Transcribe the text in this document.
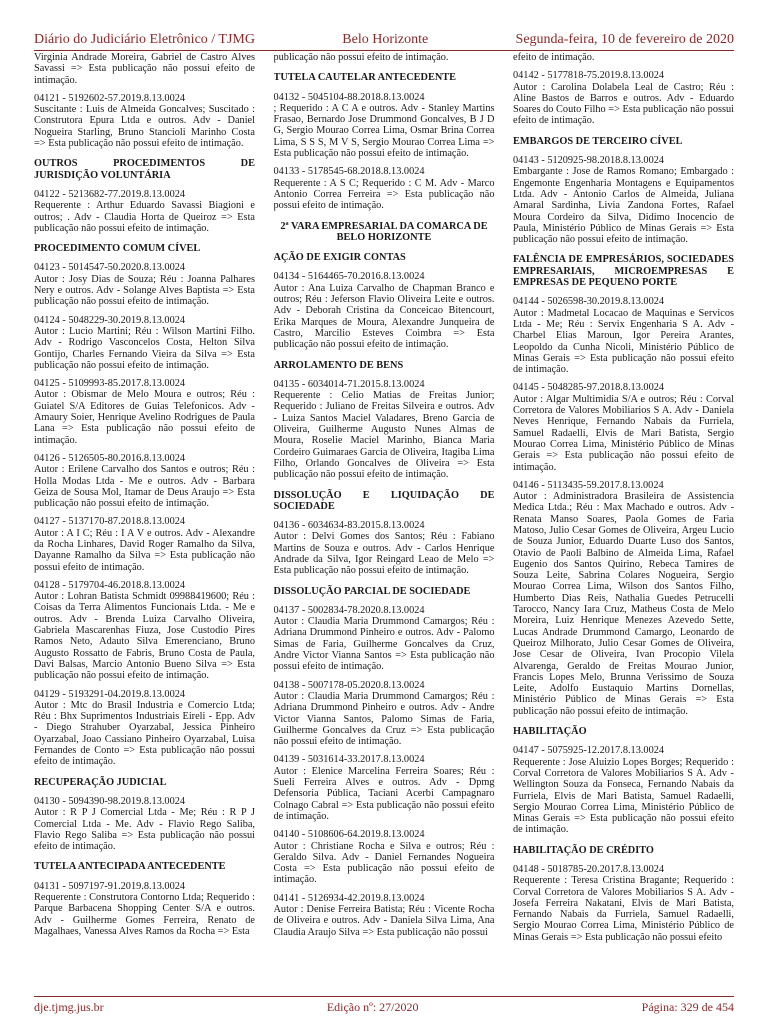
Diário do Judiciário Eletrônico / TJMG	Belo Horizonte	Segunda-feira, 10 de fevereiro de 2020
Virginia Andrade Moreira, Gabriel de Castro Alves Savassi => Esta publicação não possui efeito de intimação.
04121 - 5192602-57.2019.8.13.0024
Suscitante : Luis de Almeida Goncalves; Suscitado : Construtora Epura Ltda e outros. Adv - Daniel Nogueira Starling, Bruno Stancioli Marinho Costa => Esta publicação não possui efeito de intimação.
OUTROS PROCEDIMENTOS DE JURISDIÇÃO VOLUNTÁRIA
04122 - 5213682-77.2019.8.13.0024
Requerente : Arthur Eduardo Savassi Biagioni e outros; . Adv - Claudia Horta de Queiroz => Esta publicação não possui efeito de intimação.
PROCEDIMENTO COMUM CÍVEL
04123 - 5014547-50.2020.8.13.0024
Autor : Josy Dias de Souza; Réu : Joanna Palhares Nery e outros. Adv - Solange Alves Baptista => Esta publicação não possui efeito de intimação.
04124 - 5048229-30.2019.8.13.0024
Autor : Lucio Martini; Réu : Wilson Martini Filho. Adv - Rodrigo Vasconcelos Costa, Helton Silva Gontijo, Charles Fernando Vieira da Silva => Esta publicação não possui efeito de intimação.
04125 - 5109993-85.2017.8.13.0024
Autor : Obismar de Melo Moura e outros; Réu : Guiatel S/A Editores de Guias Telefonicos. Adv - Amaury Soier, Henrique Avelino Rodrigues de Paula Lana => Esta publicação não possui efeito de intimação.
04126 - 5126505-80.2016.8.13.0024
Autor : Erilene Carvalho dos Santos e outros; Réu : Holla Modas Ltda - Me e outros. Adv - Barbara Geiza de Sousa Mol, Itamar de Deus Araujo => Esta publicação não possui efeito de intimação.
04127 - 5137170-87.2018.8.13.0024
Autor : A I C; Réu : I A V e outros. Adv - Alexandre da Rocha Linhares, David Roger Ramalho da Silva, Dayanne Ramalho da Silva => Esta publicação não possui efeito de intimação.
04128 - 5179704-46.2018.8.13.0024
Autor : Lohran Batista Schmidt 09988419600; Réu : Coisas da Terra Alimentos Funcionais Ltda. - Me e outros. Adv - Brenda Luiza Carvalho Oliveira, Gabriela Mascarenhas Fiuza, Jose Custodio Pires Ramos Neto, Adauto Silva Emerenciano, Bruno Augusto Rossatto de Fabris, Bruno Costa de Paula, Davi Balsas, Marcio Antonio Bueno Silva => Esta publicação não possui efeito de intimação.
04129 - 5193291-04.2019.8.13.0024
Autor : Mtc do Brasil Industria e Comercio Ltda; Réu : Bhx Suprimentos Industriais Eireli - Epp. Adv - Diego Strahuber Oyarzabal, Jessica Pinheiro Oyarzabal, Joao Cassiano Pinheiro Oyarzabal, Luisa Fernandes de Conto => Esta publicação não possui efeito de intimação.
RECUPERAÇÃO JUDICIAL
04130 - 5094390-98.2019.8.13.0024
Autor : R P J Comercial Ltda - Me; Réu : R P J Comercial Ltda - Me. Adv - Flavio Rego Saliba, Flavio Rego Saliba => Esta publicação não possui efeito de intimação.
TUTELA ANTECIPADA ANTECEDENTE
04131 - 5097197-91.2019.8.13.0024
Requerente : Construtora Contorno Ltda; Requerido : Parque Barbacena Shopping Center S/A e outros. Adv - Guilherme Gomes Ferreira, Renato de Magalhaes, Vanessa Alves Ramos da Rocha => Esta
publicação não possui efeito de intimação.
TUTELA CAUTELAR ANTECEDENTE
04132 - 5045104-88.2018.8.13.0024
; Requerido : A C A e outros. Adv - Stanley Martins Frasao, Bernardo Jose Drummond Goncalves, B J D G, Sergio Mourao Correa Lima, Osmar Brina Correa Lima, S S S, M V S, Sergio Mourao Correa Lima => Esta publicação não possui efeito de intimação.
04133 - 5178545-68.2018.8.13.0024
Requerente : A S C; Requerido : C M. Adv - Marco Antonio Correa Ferreira => Esta publicação não possui efeito de intimação.
2ª VARA EMPRESARIAL DA COMARCA DE BELO HORIZONTE
AÇÃO DE EXIGIR CONTAS
04134 - 5164465-70.2016.8.13.0024
Autor : Ana Luiza Carvalho de Chapman Branco e outros; Réu : Jeferson Flavio Oliveira Leite e outros. Adv - Deborah Cristina da Conceicao Bitencourt, Erika Marques de Moura, Alexandre Junqueira de Castro, Marcilio Esteves Coimbra => Esta publicação não possui efeito de intimação.
ARROLAMENTO DE BENS
04135 - 6034014-71.2015.8.13.0024
Requerente : Celio Matias de Freitas Junior; Requerido : Juliano de Freitas Silveira e outros. Adv - Luiza Santos Maciel Valadares, Breno Garcia de Oliveira, Guilherme Augusto Nunes Almas de Moura, Roselie Maciel Marinho, Bianca Maria Cordeiro Guimaraes Garcia de Oliveira, Itagiba Lima Filho, Orlando Goncalves de Oliveira => Esta publicação não possui efeito de intimação.
DISSOLUÇÃO E LIQUIDAÇÃO DE SOCIEDADE
04136 - 6034634-83.2015.8.13.0024
Autor : Delvi Gomes dos Santos; Réu : Fabiano Martins de Souza e outros. Adv - Carlos Henrique Andrade da Silva, Igor Reingard Leao de Melo => Esta publicação não possui efeito de intimação.
DISSOLUÇÃO PARCIAL DE SOCIEDADE
04137 - 5002834-78.2020.8.13.0024
Autor : Claudia Maria Drummond Camargos; Réu : Adriana Drummond Pinheiro e outros. Adv - Palomo Simas de Faria, Guilherme Goncalves da Cruz, Andre Victor Vianna Santos => Esta publicação não possui efeito de intimação.
04138 - 5007178-05.2020.8.13.0024
Autor : Claudia Maria Drummond Camargos; Réu : Adriana Drummond Pinheiro e outros. Adv - Andre Victor Vianna Santos, Palomo Simas de Faria, Guilherme Goncalves da Cruz => Esta publicação não possui efeito de intimação.
04139 - 5031614-33.2017.8.13.0024
Autor : Elenice Marcelina Ferreira Soares; Réu : Sueli Ferreira Alves e outros. Adv - Dpmg Defensoria Pública, Taciani Acerbi Campagnaro Colnago Cabral => Esta publicação não possui efeito de intimação.
04140 - 5108606-64.2019.8.13.0024
Autor : Christiane Rocha e Silva e outros; Réu : Geraldo Silva. Adv - Daniel Fernandes Nogueira Costa => Esta publicação não possui efeito de intimação.
04141 - 5126934-42.2019.8.13.0024
Autor : Denise Ferreira Batista; Réu : Vicente Rocha de Oliveira e outros. Adv - Daniela Silva Lima, Ana Claudia Araujo Silva => Esta publicação não possui
efeito de intimação.
04142 - 5177818-75.2019.8.13.0024
Autor : Carolina Dolabela Leal de Castro; Réu : Aline Bastos de Barros e outros. Adv - Eduardo Soares do Couto Filho => Esta publicação não possui efeito de intimação.
EMBARGOS DE TERCEIRO CÍVEL
04143 - 5120925-98.2018.8.13.0024
Embargante : Jose de Ramos Romano; Embargado : Engemonte Engenharia Montagens e Equipamentos Ltda. Adv - Antonio Carlos de Almeida, Juliana Amaral Sardinha, Livia Zandona Fortes, Rafael Moura Cordeiro da Silva, Didimo Inocencio de Paula, Ministério Público de Minas Gerais => Esta publicação não possui efeito de intimação.
FALÊNCIA DE EMPRESÁRIOS, SOCIEDADES EMPRESARIAIS, MICROEMPRESAS E EMPRESAS DE PEQUENO PORTE
04144 - 5026598-30.2019.8.13.0024
Autor : Madmetal Locacao de Maquinas e Servicos Ltda - Me; Réu : Servix Engenharia S A. Adv - Charbel Elias Maroun, Igor Pereira Arantes, Leopoldo da Cunha Nicoli, Ministério Público de Minas Gerais => Esta publicação não possui efeito de intimação.
04145 - 5048285-97.2018.8.13.0024
Autor : Algar Multimidia S/A e outros; Réu : Corval Corretora de Valores Mobiliarios S A. Adv - Daniela Neves Henrique, Fernando Nabais da Furriela, Samuel Radaelli, Elvis de Mari Batista, Sergio Mourao Correa Lima, Ministério Público de Minas Gerais => Esta publicação não possui efeito de intimação.
04146 - 5113435-59.2017.8.13.0024
Autor : Administradora Brasileira de Assistencia Medica Ltda.; Réu : Max Machado e outros. Adv - Renata Manso Soares, Paola Gomes de Faria Matoso, Julio Cesar Gomes de Oliveira, Argeu Lucio de Souza Junior, Eduardo Duarte Luso dos Santos, Otavio de Paoli Balbino de Almeida Lima, Rafael Eugenio dos Santos Quirino, Rebeca Tamires de Souza Leite, Sabrina Colares Nogueira, Sergio Mourao Correa Lima, Wilson dos Santos Filho, Humberto Dias Reis, Nathalia Guedes Petrucelli Tarocco, Nancy Iara Cruz, Matheus Costa de Melo Moreira, Luiz Henrique Menezes Azevedo Sette, Lucas Andrade Drummond Camargo, Leonardo de Queiroz Milhorato, Julio Cesar Gomes de Oliveira, Jose Cesar de Oliveira, Ivan Procopio Vilela Alvarenga, Geraldo de Freitas Mourao Junior, Francis Lopes Melo, Brunna Verissimo de Souza Leite, Adolfo Eustaquio Martins Dornellas, Ministério Público de Minas Gerais => Esta publicação não possui efeito de intimação.
HABILITAÇÃO
04147 - 5075925-12.2017.8.13.0024
Requerente : Jose Aluizio Lopes Borges; Requerido : Corval Corretora de Valores Mobiliarios S A. Adv - Wellington Souza da Fonseca, Fernando Nabais da Furriela, Elvis de Mari Batista, Samuel Radaelli, Sergio Mourao Correa Lima, Ministério Público de Minas Gerais => Esta publicação não possui efeito de intimação.
HABILITAÇÃO DE CRÉDITO
04148 - 5018785-20.2017.8.13.0024
Requerente : Teresa Cristina Bragante; Requerido : Corval Corretora de Valores Mobiliarios S A. Adv - Josefa Ferreira Nakatani, Elvis de Mari Batista, Fernando Nabais da Furriela, Samuel Radaelli, Sergio Mourao Correa Lima, Ministério Público de Minas Gerais => Esta publicação não possui efeito
dje.tjmg.jus.br	Edição nº: 27/2020	Página: 329 de 454
